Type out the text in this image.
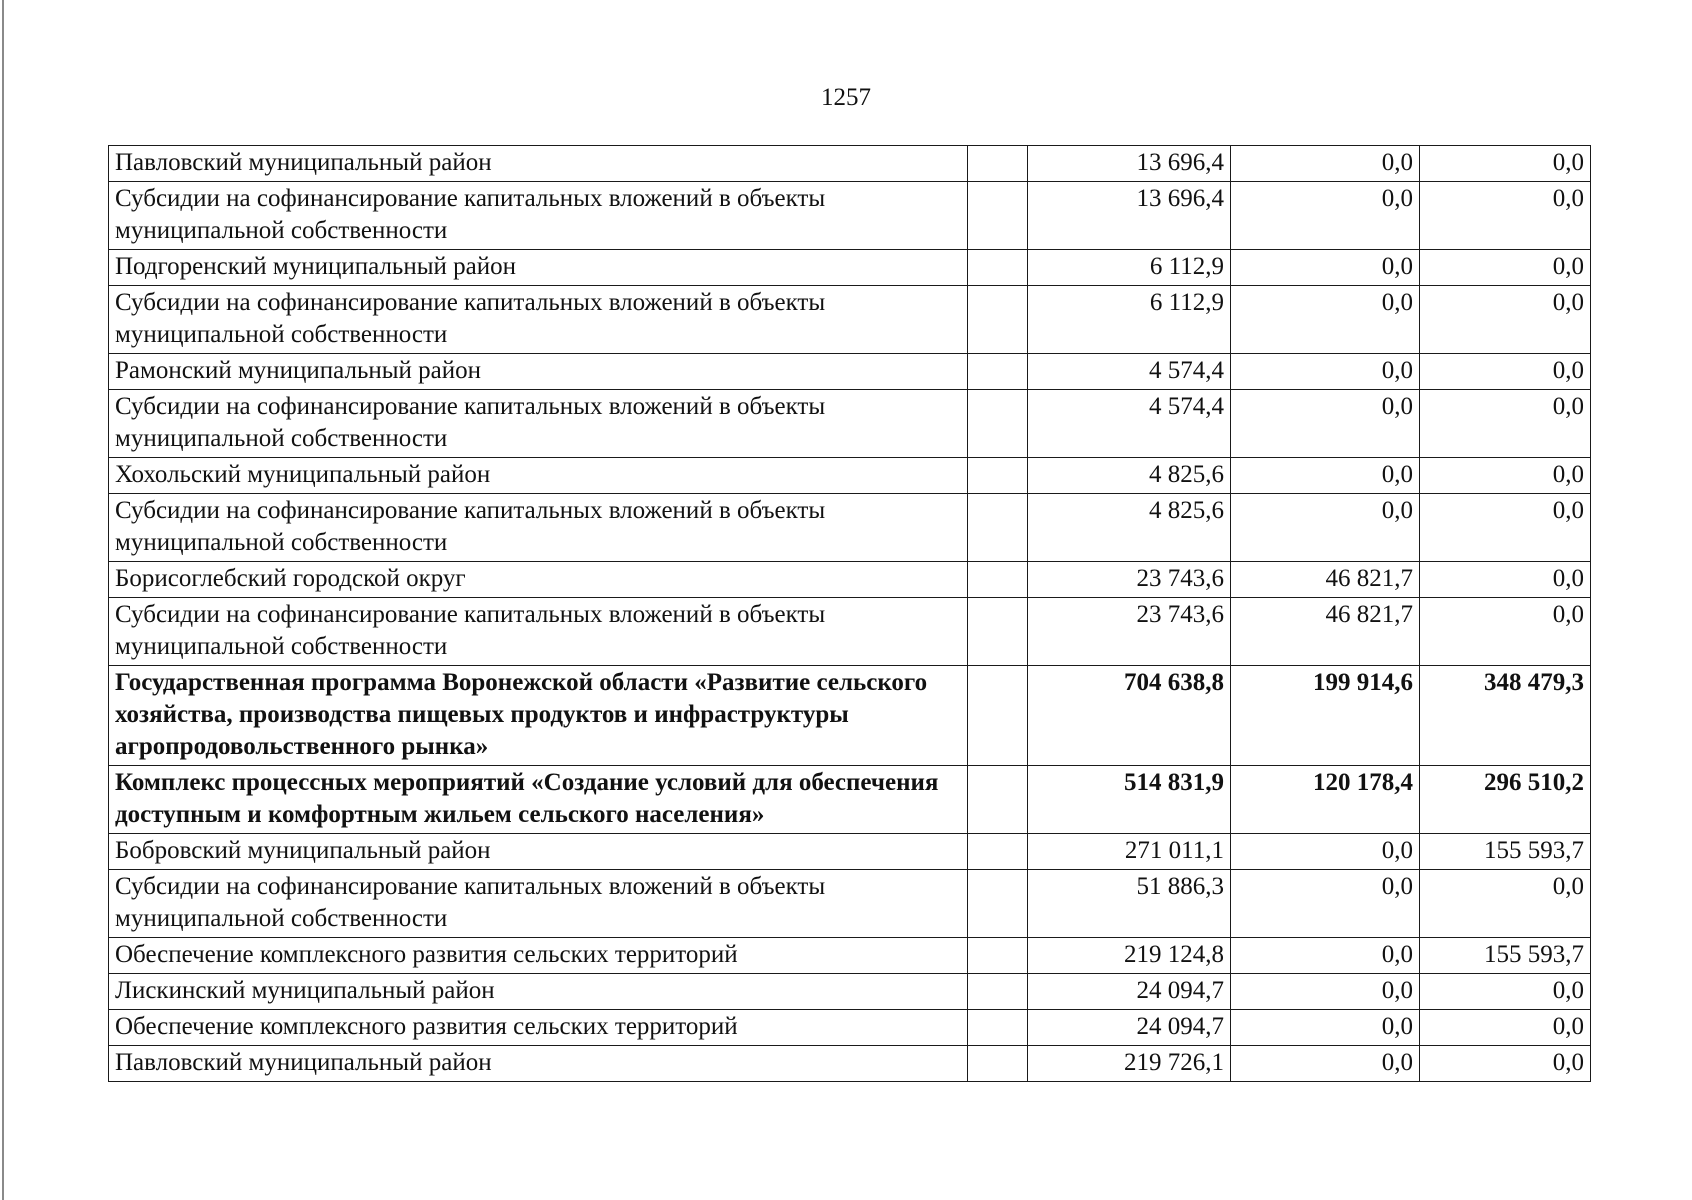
1257
Павловский муниципальный район		13 696,4	0,0	0,0
Субсидии на софинансирование капитальных вложений в объекты муниципальной собственности		13 696,4	0,0	0,0
Подгоренский муниципальный район		6 112,9	0,0	0,0
Субсидии на софинансирование капитальных вложений в объекты муниципальной собственности		6 112,9	0,0	0,0
Рамонский муниципальный район		4 574,4	0,0	0,0
Субсидии на софинансирование капитальных вложений в объекты муниципальной собственности		4 574,4	0,0	0,0
Хохольский муниципальный район		4 825,6	0,0	0,0
Субсидии на софинансирование капитальных вложений в объекты муниципальной собственности		4 825,6	0,0	0,0
Борисоглебский городской округ		23 743,6	46 821,7	0,0
Субсидии на софинансирование капитальных вложений в объекты муниципальной собственности		23 743,6	46 821,7	0,0
Государственная программа Воронежской области «Развитие сельского хозяйства, производства пищевых продуктов и инфраструктуры агропродовольственного рынка»		704 638,8	199 914,6	348 479,3
Комплекс процессных мероприятий «Создание условий для обеспечения доступным и комфортным жильем сельского населения»		514 831,9	120 178,4	296 510,2
Бобровский муниципальный район		271 011,1	0,0	155 593,7
Субсидии на софинансирование капитальных вложений в объекты муниципальной собственности		51 886,3	0,0	0,0
Обеспечение комплексного развития сельских территорий		219 124,8	0,0	155 593,7
Лискинский муниципальный район		24 094,7	0,0	0,0
Обеспечение комплексного развития сельских территорий		24 094,7	0,0	0,0
Павловский муниципальный район		219 726,1	0,0	0,0
